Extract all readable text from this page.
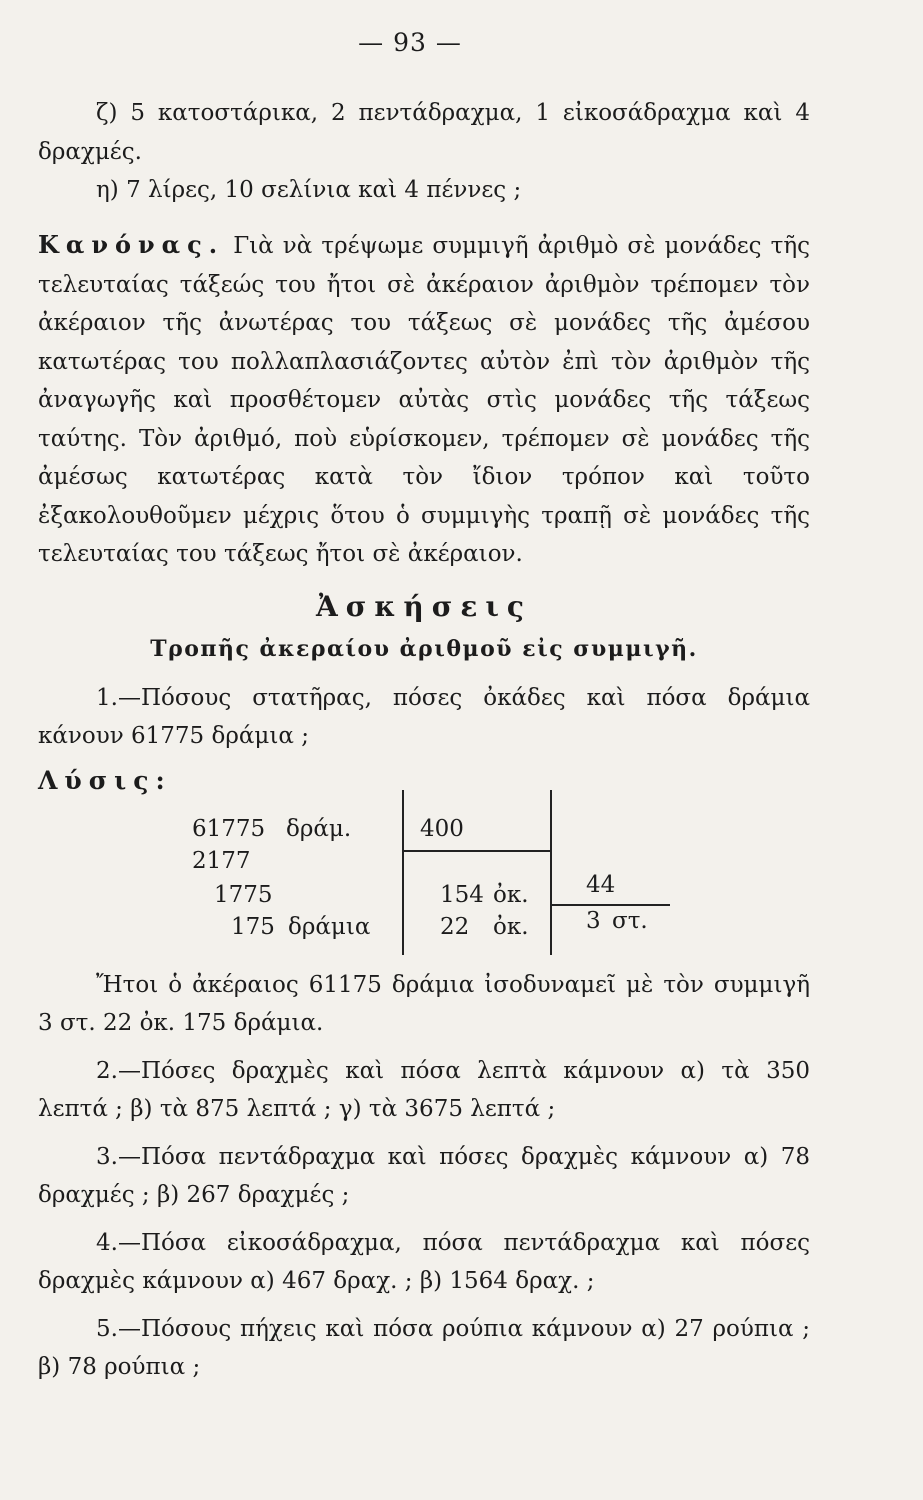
— 93 —

ζ) 5 κατοστάρικα, 2 πεντάδραχμα, 1 εἰκοσάδραχμα καὶ 4 δραχμές.

η) 7 λίρες, 10 σελίνια καὶ 4 πέννες ;

Κανόνας. Γιὰ νὰ τρέψωμε συμμιγῆ ἀριθμὸ σὲ μονάδες τῆς τελευταίας τάξεώς του ἤτοι σὲ ἀκέραιον ἀριθμὸν τρέπομεν τὸν ἀκέραιον τῆς ἀνωτέρας του τάξεως σὲ μονάδες τῆς ἀμέσου κατωτέρας του πολλαπλασιάζοντες αὐτὸν ἐπὶ τὸν ἀριθμὸν τῆς ἀναγωγῆς καὶ προσθέτομεν αὐτὰς στὶς μονάδες τῆς τάξεως ταύτης. Τὸν ἀριθμό, ποὺ εὑρίσκομεν, τρέπομεν σὲ μονάδες τῆς ἀμέσως κατωτέρας κατὰ τὸν ἴδιον τρόπον καὶ τοῦτο ἐξακολουθοῦμεν μέχρις ὅτου ὁ συμμιγὴς τραπῇ σὲ μονάδες τῆς τελευταίας του τάξεως ἤτοι σὲ ἀκέραιον.

Ἀσκήσεις
Τροπῆς ἀκεραίου ἀριθμοῦ εἰς συμμιγῆ.

1.—Πόσους στατῆρας, πόσες ὀκάδες καὶ πόσα δράμια κάνουν 61775 δράμια ;

Λύσις:
61775 δράμ.
2177
1775
175 δράμια
400
154 ὀκ.
22 ὀκ.
44
3 στ.

Ἤτοι ὁ ἀκέραιος 61175 δράμια ἰσοδυναμεῖ μὲ τὸν συμμιγῆ 3 στ. 22 ὀκ. 175 δράμια.

2.—Πόσες δραχμὲς καὶ πόσα λεπτὰ κάμνουν α) τὰ 350 λεπτά ; β) τὰ 875 λεπτά ; γ) τὰ 3675 λεπτά ;

3.—Πόσα πεντάδραχμα καὶ πόσες δραχμὲς κάμνουν α) 78 δραχμές ; β) 267 δραχμές ;

4.—Πόσα εἰκοσάδραχμα, πόσα πεντάδραχμα καὶ πόσες δραχμὲς κάμνουν α) 467 δραχ. ; β) 1564 δραχ. ;

5.—Πόσους πήχεις καὶ πόσα ρούπια κάμνουν α) 27 ρούπια ; β) 78 ρούπια ;
